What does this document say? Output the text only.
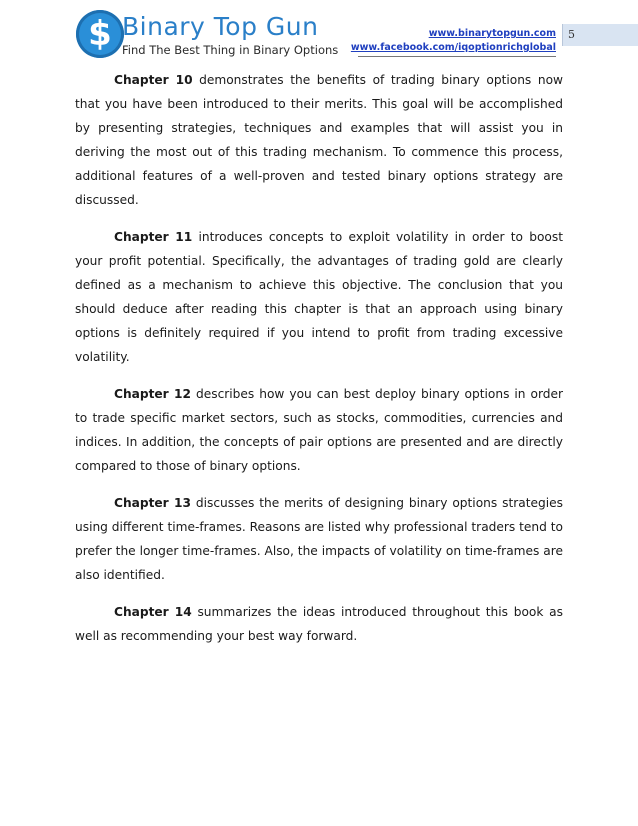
$ Binary Top Gun
Find The Best Thing in Binary Options
www.binarytopgun.com
www.facebook.com/iqoptionrichglobal
5

Chapter 10 demonstrates the benefits of trading binary options now that you have been introduced to their merits. This goal will be accomplished by presenting strategies, techniques and examples that will assist you in deriving the most out of this trading mechanism. To commence this process, additional features of a well-proven and tested binary options strategy are discussed.

Chapter 11 introduces concepts to exploit volatility in order to boost your profit potential. Specifically, the advantages of trading gold are clearly defined as a mechanism to achieve this objective. The conclusion that you should deduce after reading this chapter is that an approach using binary options is definitely required if you intend to profit from trading excessive volatility.

Chapter 12 describes how you can best deploy binary options in order to trade specific market sectors, such as stocks, commodities, currencies and indices. In addition, the concepts of pair options are presented and are directly compared to those of binary options.

Chapter 13 discusses the merits of designing binary options strategies using different time-frames. Reasons are listed why professional traders tend to prefer the longer time-frames. Also, the impacts of volatility on time-frames are also identified.

Chapter 14 summarizes the ideas introduced throughout this book as well as recommending your best way forward.
